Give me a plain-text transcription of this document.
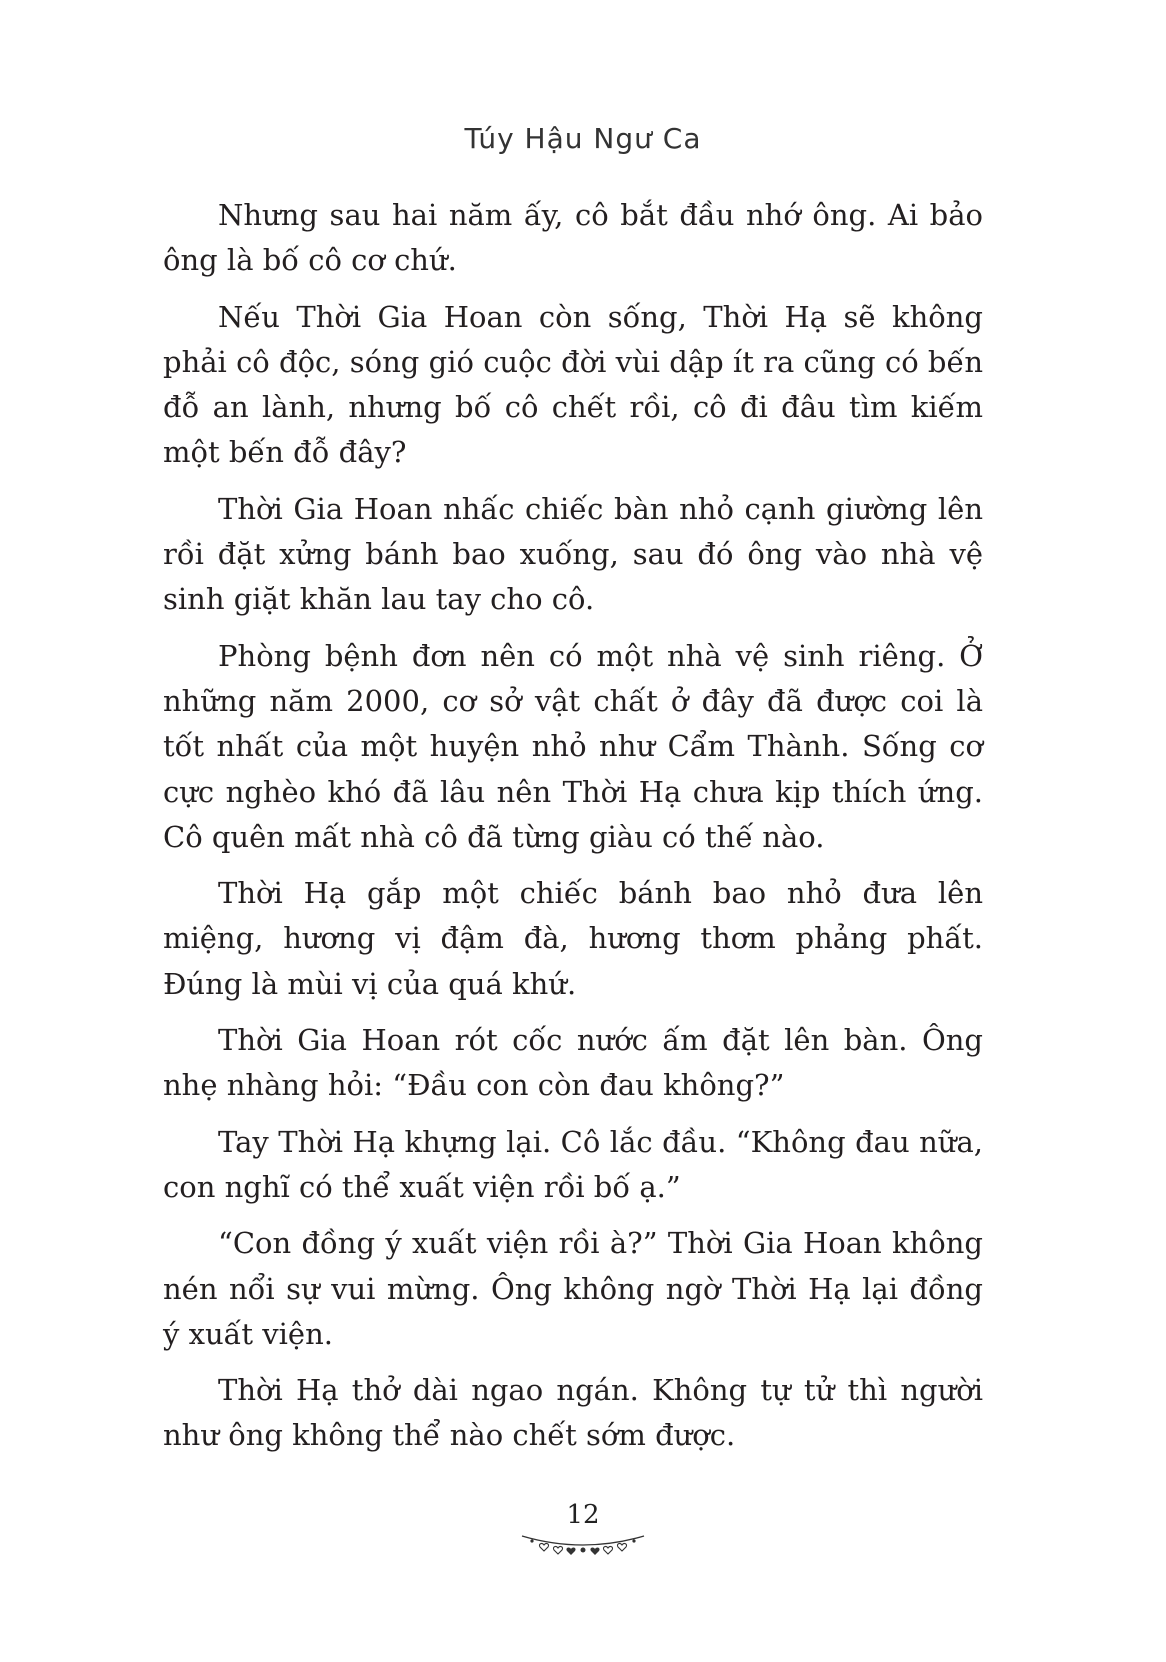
Túy Hậu Ngư Ca

Nhưng sau hai năm ấy, cô bắt đầu nhớ ông. Ai bảo ông là bố cô cơ chứ.

Nếu Thời Gia Hoan còn sống, Thời Hạ sẽ không phải cô độc, sóng gió cuộc đời vùi dập ít ra cũng có bến đỗ an lành, nhưng bố cô chết rồi, cô đi đâu tìm kiếm một bến đỗ đây?

Thời Gia Hoan nhấc chiếc bàn nhỏ cạnh giường lên rồi đặt xửng bánh bao xuống, sau đó ông vào nhà vệ sinh giặt khăn lau tay cho cô.

Phòng bệnh đơn nên có một nhà vệ sinh riêng. Ở những năm 2000, cơ sở vật chất ở đây đã được coi là tốt nhất của một huyện nhỏ như Cẩm Thành. Sống cơ cực nghèo khó đã lâu nên Thời Hạ chưa kịp thích ứng. Cô quên mất nhà cô đã từng giàu có thế nào.

Thời Hạ gắp một chiếc bánh bao nhỏ đưa lên miệng, hương vị đậm đà, hương thơm phảng phất. Đúng là mùi vị của quá khứ.

Thời Gia Hoan rót cốc nước ấm đặt lên bàn. Ông nhẹ nhàng hỏi: “Đầu con còn đau không?”

Tay Thời Hạ khựng lại. Cô lắc đầu. “Không đau nữa, con nghĩ có thể xuất viện rồi bố ạ.”

“Con đồng ý xuất viện rồi à?” Thời Gia Hoan không nén nổi sự vui mừng. Ông không ngờ Thời Hạ lại đồng ý xuất viện.

Thời Hạ thở dài ngao ngán. Không tự tử thì người như ông không thể nào chết sớm được.

12
